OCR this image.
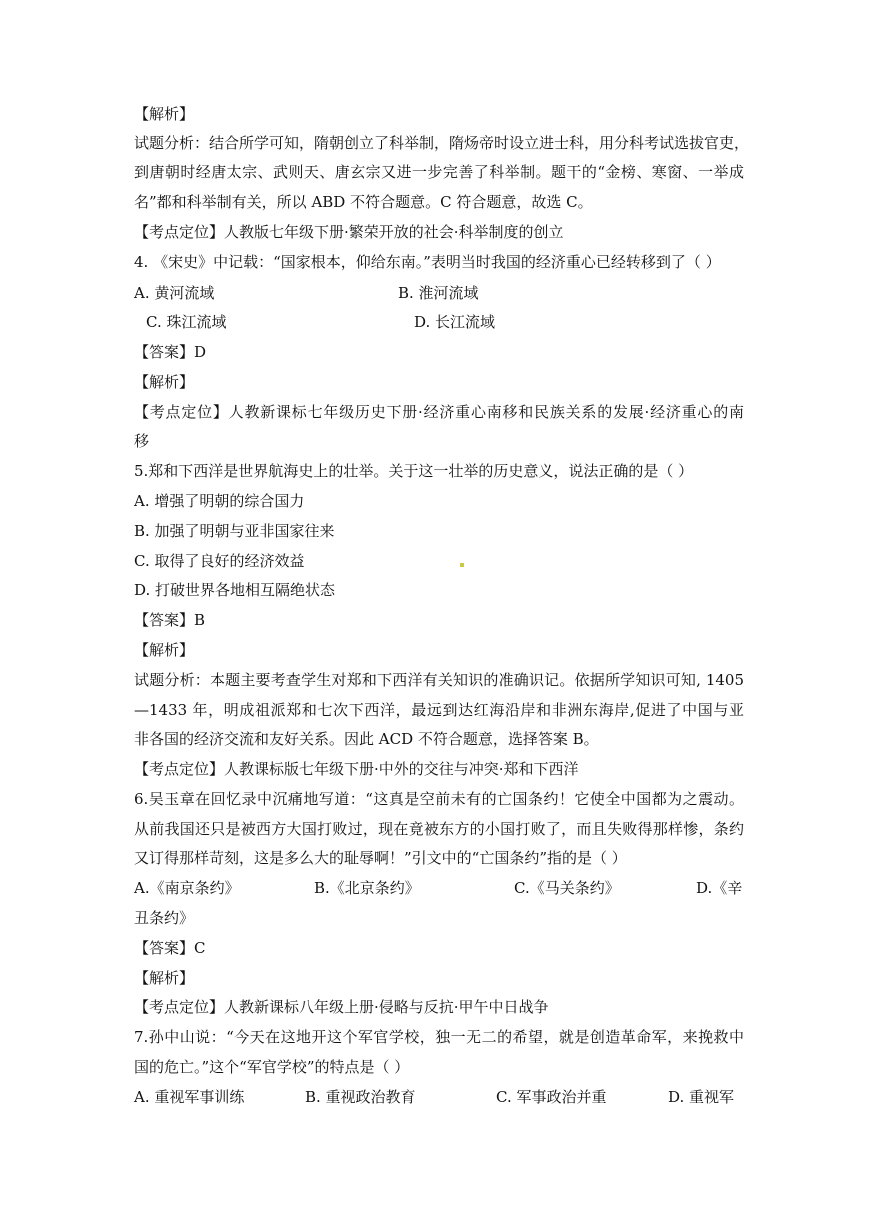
【解析】
试题分析：结合所学可知，隋朝创立了科举制，隋炀帝时设立进士科，用分科考试选拔官吏，
到唐朝时经唐太宗、武则天、唐玄宗又进一步完善了科举制。题干的“金榜、寒窗、一举成
名”都和科举制有关，所以 ABD 不符合题意。C 符合题意，故选 C。
【考点定位】人教版七年级下册·繁荣开放的社会·科举制度的创立
4. 《宋史》中记载：“国家根本，仰给东南。”表明当时我国的经济重心已经转移到了（ ）
A. 黄河流域	B. 淮河流域
C. 珠江流域	D. 长江流域
【答案】D
【解析】
【考点定位】人教新课标七年级历史下册·经济重心南移和民族关系的发展·经济重心的南
移
5.郑和下西洋是世界航海史上的壮举。关于这一壮举的历史意义，说法正确的是（ ）
A. 增强了明朝的综合国力
B. 加强了明朝与亚非国家往来
C. 取得了良好的经济效益
D. 打破世界各地相互隔绝状态
【答案】B
【解析】
试题分析：本题主要考查学生对郑和下西洋有关知识的准确识记。依据所学知识可知, 1405
—1433 年，明成祖派郑和七次下西洋，最远到达红海沿岸和非洲东海岸,促进了中国与亚
非各国的经济交流和友好关系。因此 ACD 不符合题意，选择答案 B。
【考点定位】人教课标版七年级下册·中外的交往与冲突·郑和下西洋
6.吴玉章在回忆录中沉痛地写道：“这真是空前未有的亡国条约！它使全中国都为之震动。
从前我国还只是被西方大国打败过，现在竟被东方的小国打败了，而且失败得那样惨，条约
又订得那样苛刻，这是多么大的耻辱啊！”引文中的“亡国条约”指的是（ ）
A.《南京条约》	B.《北京条约》	C.《马关条约》	D.《辛
丑条约》
【答案】C
【解析】
【考点定位】人教新课标八年级上册·侵略与反抗·甲午中日战争
7.孙中山说：“今天在这地开这个军官学校，独一无二的希望，就是创造革命军，来挽救中
国的危亡。”这个“军官学校”的特点是（ ）
A. 重视军事训练	B. 重视政治教育	C. 军事政治并重	D. 重视军
